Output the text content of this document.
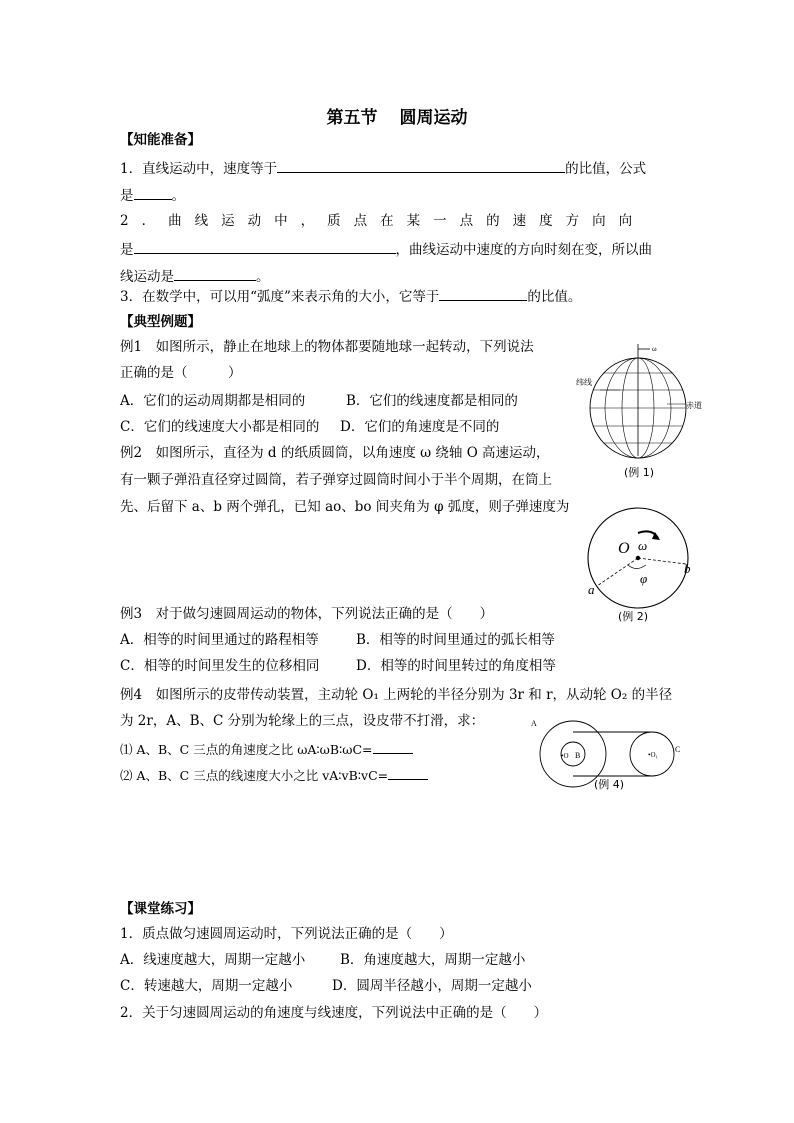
第五节 圆周运动
【知能准备】
1．直线运动中，速度等于	的比值，公式
是	。
2．曲线运动中，质点在某一点的速度方向向
是	，曲线运动中速度的方向时刻在变，所以曲
线运动是	。
3．在数学中，可以用“弧度”来表示角的大小，它等于	的比值。
【典型例题】
例1　如图所示，静止在地球上的物体都要随地球一起转动，下列说法
正确的是（　　　）
A．它们的运动周期都是相同的	B．它们的线速度都是相同的
C．它们的线速度大小都是相同的 D．它们的角速度是不同的
例2　如图所示，直径为 d 的纸质圆筒，以角速度 ω 绕轴 O 高速运动，
有一颗子弹沿直径穿过圆筒，若子弹穿过圆筒时间小于半个周期，在筒上
先、后留下 a、b 两个弹孔，已知 ao、bo 间夹角为 φ 弧度，则子弹速度为
例3　对于做匀速圆周运动的物体，下列说法正确的是（　　）
A．相等的时间里通过的路程相等	B．相等的时间里通过的弧长相等
C．相等的时间里发生的位移相同	D．相等的时间里转过的角度相等
例4　如图所示的皮带传动装置，主动轮 O₁ 上两轮的半径分别为 3r 和 r，从动轮 O₂ 的半径
为 2r，A、B、C 分别为轮缘上的三点，设皮带不打滑，求：
⑴ A、B、C 三点的角速度之比 ωA∶ωB∶ωC=
⑵ A、B、C 三点的线速度大小之比 vA∶vB∶vC=
【课堂练习】
1．质点做匀速圆周运动时，下列说法正确的是（　　）
A．线速度越大，周期一定越小	B．角速度越大，周期一定越小
C．转速越大，周期一定越小	D．圆周半径越小，周期一定越小
2．关于匀速圆周运动的角速度与线速度，下列说法中正确的是（　　）
ω
纬线
赤道
(例 1)
O ω
φ
a
b
(例 2)
A
•O B	•O₁
C
(例 4)
